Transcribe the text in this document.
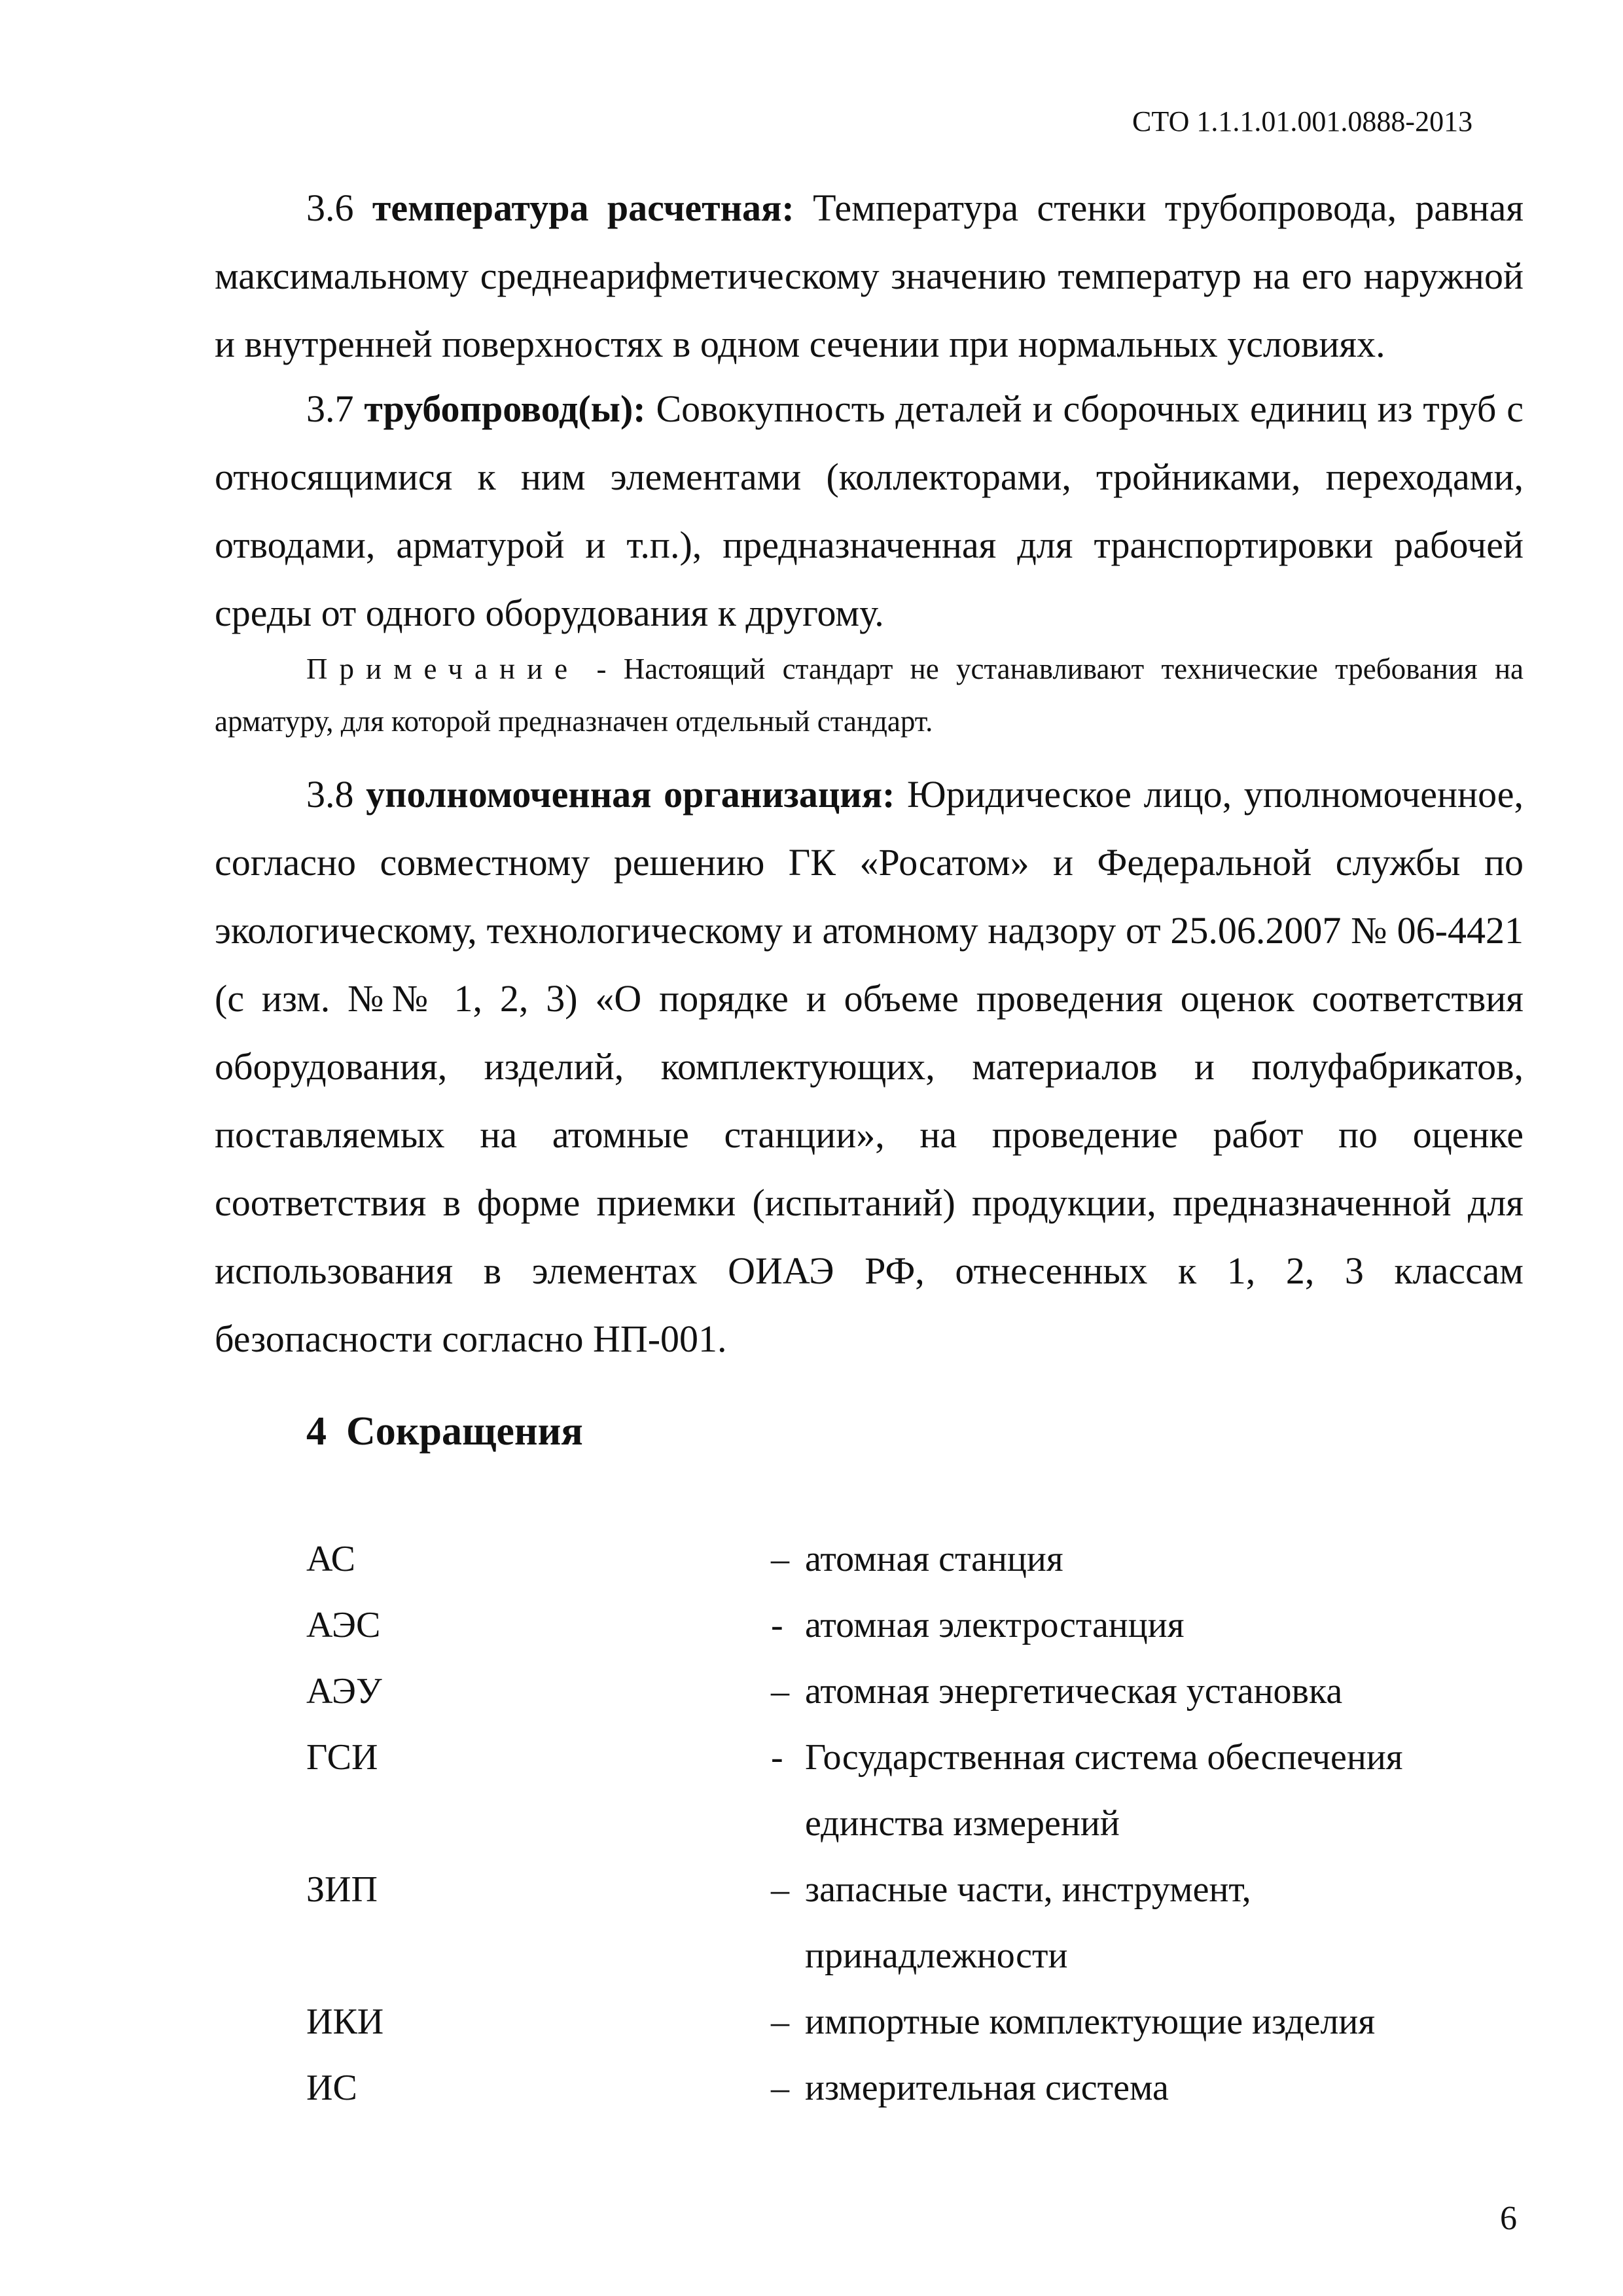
СТО 1.1.1.01.001.0888-2013
3.6 температура расчетная: Температура стенки трубопровода, равная максимальному среднеарифметическому значению температур на его наружной и внутренней поверхностях в одном сечении при нормальных условиях.
3.7 трубопровод(ы): Совокупность деталей и сборочных единиц из труб с относящимися к ним элементами (коллекторами, тройниками, переходами, отводами, арматурой и т.п.), предназначенная для транспортировки рабочей среды от одного оборудования к другому.
Примечание - Настоящий стандарт не устанавливают технические требования на арматуру, для которой предназначен отдельный стандарт.
3.8 уполномоченная организация: Юридическое лицо, уполномоченное, согласно совместному решению ГК «Росатом» и Федеральной службы по экологическому, технологическому и атомному надзору от 25.06.2007 № 06-4421 (с изм. №№ 1, 2, 3) «О порядке и объеме проведения оценок соответствия оборудования, изделий, комплектующих, материалов и полуфабрикатов, поставляемых на атомные станции», на проведение работ по оценке соответствия в форме приемки (испытаний) продукции, предназначенной для использования в элементах ОИАЭ РФ, отнесенных к 1, 2, 3 классам безопасности согласно НП-001.
4 Сокращения
АС	– атомная станция
АЭС	- атомная электростанция
АЭУ	– атомная энергетическая установка
ГСИ	- Государственная система обеспечения
единства измерений
ЗИП	– запасные части, инструмент,
принадлежности
ИКИ	– импортные комплектующие изделия
ИС	– измерительная система
6
